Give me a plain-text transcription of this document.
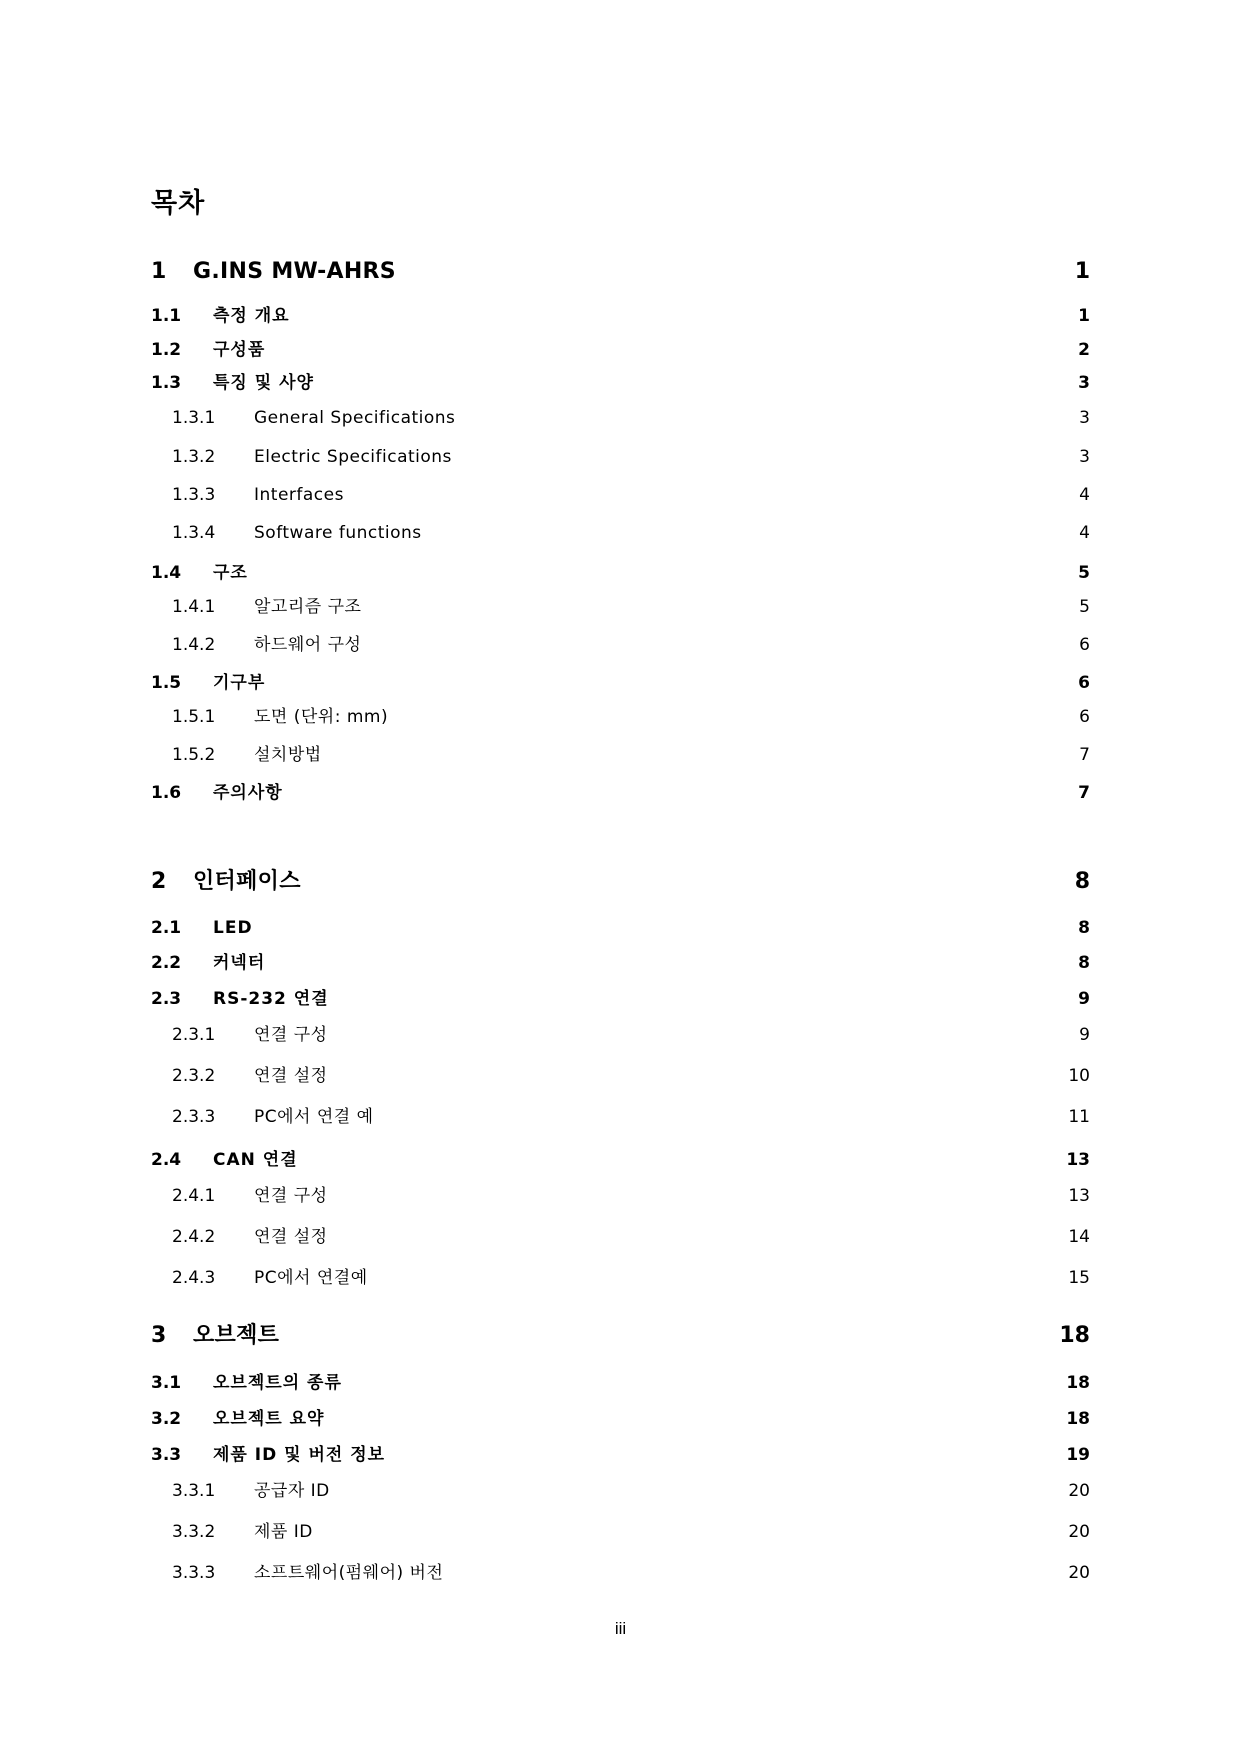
목차
1 G.INS MW-AHRS	1
1.1 측정 개요	1
1.2 구성품	2
1.3 특징 및 사양	3
1.3.1 General Specifications	3
1.3.2 Electric Specifications	3
1.3.3 Interfaces	4
1.3.4 Software functions	4
1.4 구조	5
1.4.1 알고리즘 구조	5
1.4.2 하드웨어 구성	6
1.5 기구부	6
1.5.1 도면 (단위: mm)	6
1.5.2 설치방법	7
1.6 주의사항	7
2 인터페이스	8
2.1 LED	8
2.2 커넥터	8
2.3 RS-232 연결	9
2.3.1 연결 구성	9
2.3.2 연결 설정	10
2.3.3 PC에서 연결 예	11
2.4 CAN 연결	13
2.4.1 연결 구성	13
2.4.2 연결 설정	14
2.4.3 PC에서 연결예	15
3 오브젝트	18
3.1 오브젝트의 종류	18
3.2 오브젝트 요약	18
3.3 제품 ID 및 버전 정보	19
3.3.1 공급자 ID	20
3.3.2 제품 ID	20
3.3.3 소프트웨어(펌웨어) 버전	20
iii
